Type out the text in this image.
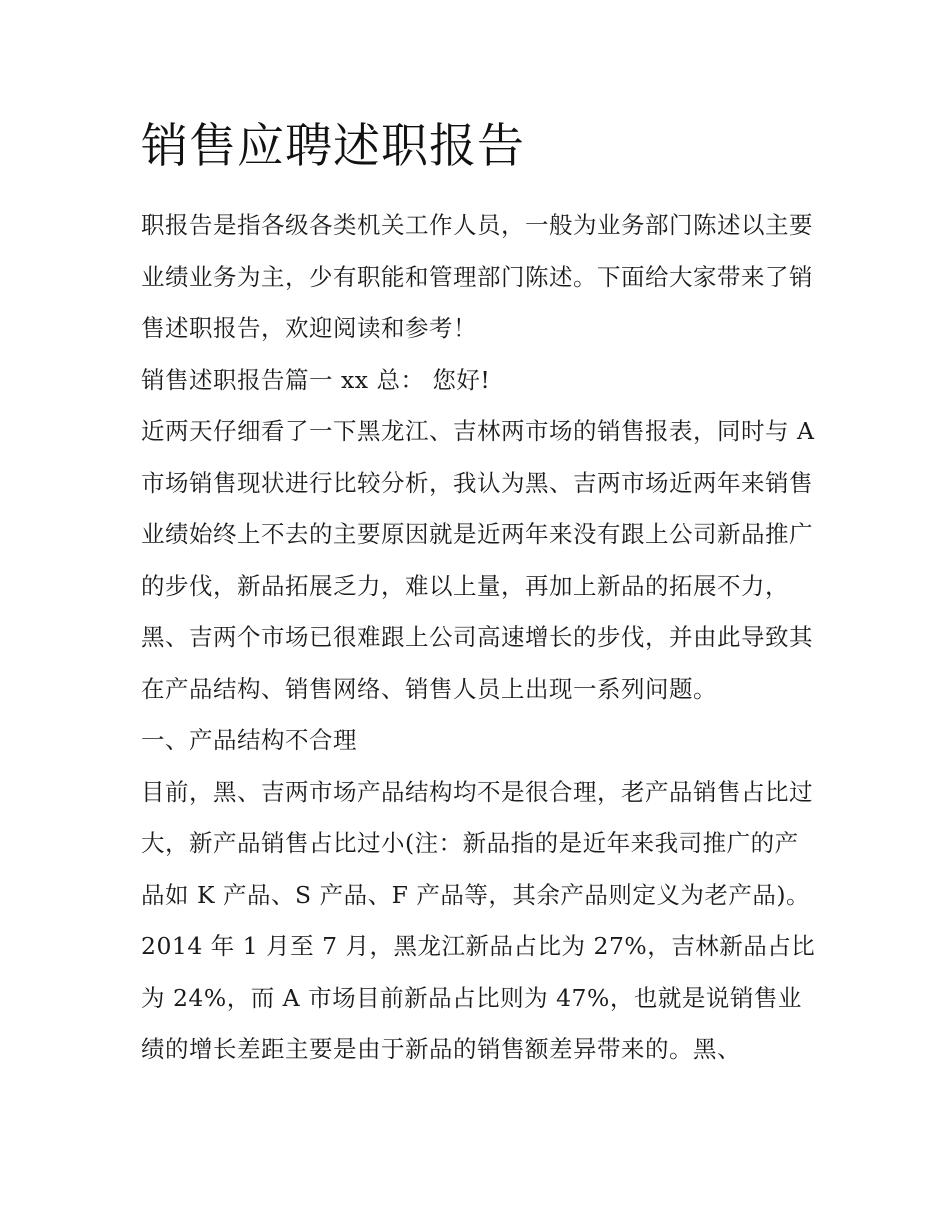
销售应聘述职报告

职报告是指各级各类机关工作人员，一般为业务部门陈述以主要业绩业务为主，少有职能和管理部门陈述。下面给大家带来了销售述职报告，欢迎阅读和参考！

销售述职报告篇一 xx 总： 您好!

近两天仔细看了一下黑龙江、吉林两市场的销售报表，同时与 A 市场销售现状进行比较分析，我认为黑、吉两市场近两年来销售业绩始终上不去的主要原因就是近两年来没有跟上公司新品推广的步伐，新品拓展乏力，难以上量，再加上新品的拓展不力，黑、吉两个市场已很难跟上公司高速增长的步伐，并由此导致其在产品结构、销售网络、销售人员上出现一系列问题。

一、产品结构不合理

目前，黑、吉两市场产品结构均不是很合理，老产品销售占比过大，新产品销售占比过小(注：新品指的是近年来我司推广的产品如 K 产品、S 产品、F 产品等，其余产品则定义为老产品)。2014 年 1 月至 7 月，黑龙江新品占比为 27%，吉林新品占比为 24%，而 A 市场目前新品占比则为 47%，也就是说销售业绩的增长差距主要是由于新品的销售额差异带来的。黑、
